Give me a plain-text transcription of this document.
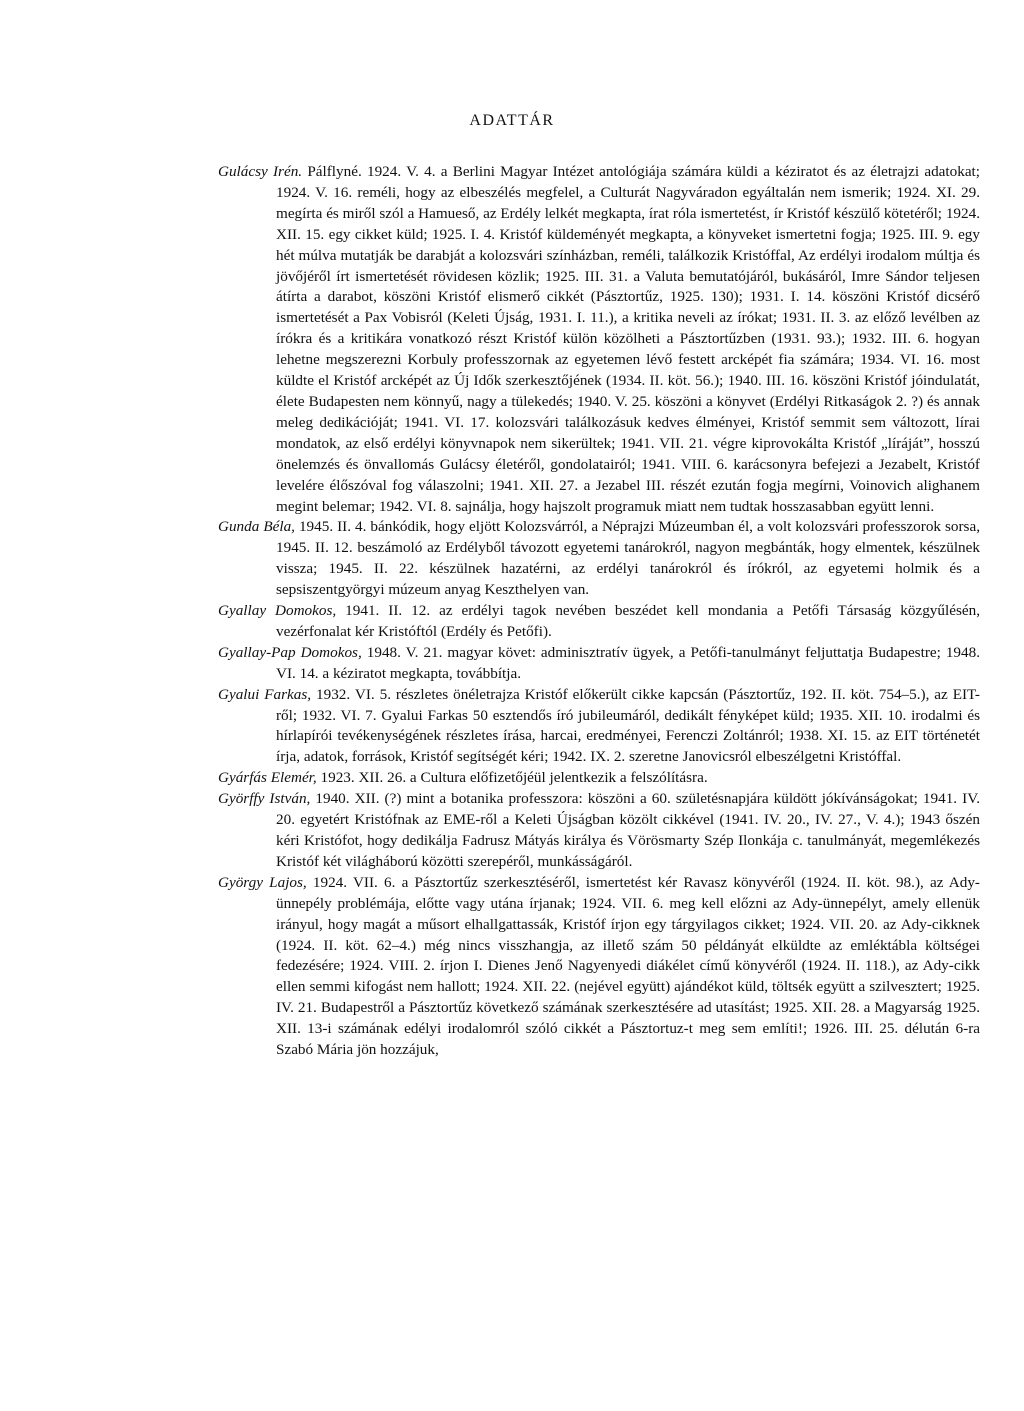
ADATTÁR

Gulácsy Irén. Pálflyné. 1924. V. 4. a Berlini Magyar Intézet antológiája számára küldi a kéziratot és az életrajzi adatokat; 1924. V. 16. reméli, hogy az elbeszélés megfelel, a Culturát Nagyváradon egyáltalán nem ismerik; 1924. XI. 29. megírta és miről szól a Hamueső, az Erdély lelkét megkapta, írat róla ismertetést, ír Kristóf készülő kötetéről; 1924. XII. 15. egy cikket küld; 1925. I. 4. Kristóf küldeményét megkapta, a könyveket ismertetni fogja; 1925. III. 9. egy hét múlva mutatják be darabját a kolozsvári színházban, reméli, találkozik Kristóffal, Az erdélyi irodalom múltja és jövőjéről írt ismertetését rövidesen közlik; 1925. III. 31. a Valuta bemutatójáról, bukásáról, Imre Sándor teljesen átírta a darabot, köszöni Kristóf elismerő cikkét (Pásztortűz, 1925. 130); 1931. I. 14. köszöni Kristóf dicsérő ismertetését a Pax Vobisról (Keleti Újság, 1931. I. 11.), a kritika neveli az írókat; 1931. II. 3. az előző levélben az írókra és a kritikára vonatkozó részt Kristóf külön közölheti a Pásztortűzben (1931. 93.); 1932. III. 6. hogyan lehetne megszerezni Korbuly professzornak az egyetemen lévő festett arcképét fia számára; 1934. VI. 16. most küldte el Kristóf arcképét az Új Idők szerkesztőjének (1934. II. köt. 56.); 1940. III. 16. köszöni Kristóf jóindulatát, élete Budapesten nem könnyű, nagy a tülekedés; 1940. V. 25. köszöni a könyvet (Erdélyi Ritkaságok 2. ?) és annak meleg dedikációját; 1941. VI. 17. kolozsvári találkozásuk kedves élményei, Kristóf semmit sem változott, lírai mondatok, az első erdélyi könyvnapok nem sikerültek; 1941. VII. 21. végre kiprovokálta Kristóf „líráját”, hosszú önelemzés és önvallomás Gulácsy életéről, gondolatairól; 1941. VIII. 6. karácsonyra befejezi a Jezabelt, Kristóf levelére élőszóval fog válaszolni; 1941. XII. 27. a Jezabel III. részét ezután fogja megírni, Voinovich alighanem megint belemar; 1942. VI. 8. sajnálja, hogy hajszolt programuk miatt nem tudtak hosszasabban együtt lenni.

Gunda Béla, 1945. II. 4. bánkódik, hogy eljött Kolozsvárról, a Néprajzi Múzeumban él, a volt kolozsvári professzorok sorsa, 1945. II. 12. beszámoló az Erdélyből távozott egyetemi tanárokról, nagyon megbánták, hogy elmentek, készülnek vissza; 1945. II. 22. készülnek hazatérni, az erdélyi tanárokról és írókról, az egyetemi holmik és a sepsiszentgyörgyi múzeum anyag Keszthelyen van.

Gyallay Domokos, 1941. II. 12. az erdélyi tagok nevében beszédet kell mondania a Petőfi Társaság közgyűlésén, vezérfonalat kér Kristóftól (Erdély és Petőfi).

Gyallay-Pap Domokos, 1948. V. 21. magyar követ: adminisztratív ügyek, a Petőfi-tanulmányt feljuttatja Budapestre; 1948. VI. 14. a kéziratot megkapta, továbbítja.

Gyalui Farkas, 1932. VI. 5. részletes önéletrajza Kristóf előkerült cikke kapcsán (Pásztortűz, 192. II. köt. 754–5.), az EIT-ről; 1932. VI. 7. Gyalui Farkas 50 esztendős író jubileumáról, dedikált fényképet küld; 1935. XII. 10. irodalmi és hírlapírói tevékenységének részletes írása, harcai, eredményei, Ferenczi Zoltánról; 1938. XI. 15. az EIT történetét írja, adatok, források, Kristóf segítségét kéri; 1942. IX. 2. szeretne Janovicsról elbeszélgetni Kristóffal.

Gyárfás Elemér, 1923. XII. 26. a Cultura előfizetőjéül jelentkezik a felszólításra.

Györffy István, 1940. XII. (?) mint a botanika professzora: köszöni a 60. születésnapjára küldött jókívánságokat; 1941. IV. 20. egyetért Kristófnak az EME-ről a Keleti Újságban közölt cikkével (1941. IV. 20., IV. 27., V. 4.); 1943 őszén kéri Kristófot, hogy dedikálja Fadrusz Mátyás királya és Vörösmarty Szép Ilonkája c. tanulmányát, megemlékezés Kristóf két világháború közötti szerepéről, munkásságáról.

György Lajos, 1924. VII. 6. a Pásztortűz szerkesztéséről, ismertetést kér Ravasz könyvéről (1924. II. köt. 98.), az Ady-ünnepély problémája, előtte vagy utána írjanak; 1924. VII. 6. meg kell előzni az Ady-ünnepélyt, amely ellenük irányul, hogy magát a műsort elhallgattassák, Kristóf írjon egy tárgyilagos cikket; 1924. VII. 20. az Ady-cikknek (1924. II. köt. 62–4.) még nincs visszhangja, az illető szám 50 példányát elküldte az emléktábla költségei fedezésére; 1924. VIII. 2. írjon I. Dienes Jenő Nagyenyedi diákélet című könyvéről (1924. II. 118.), az Ady-cikk ellen semmi kifogást nem hallott; 1924. XII. 22. (nejével együtt) ajándékot küld, töltsék együtt a szilvesztert; 1925. IV. 21. Budapestről a Pásztortűz következő számának szerkesztésére ad utasítást; 1925. XII. 28. a Magyarság 1925. XII. 13-i számának edélyi irodalomról szóló cikkét a Pásztortuz-t meg sem említi!; 1926. III. 25. délután 6-ra Szabó Mária jön hozzájuk,
